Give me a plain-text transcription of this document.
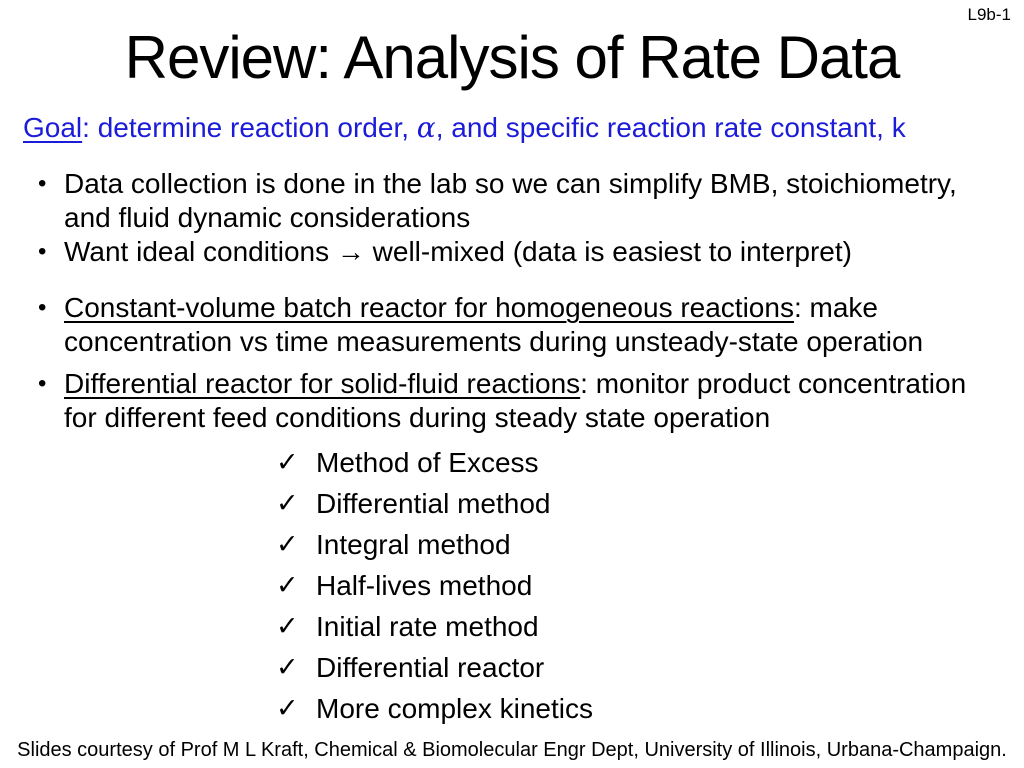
L9b-1
Review: Analysis of Rate Data

Goal: determine reaction order, α, and specific reaction rate constant, k

• Data collection is done in the lab so we can simplify BMB, stoichiometry, and fluid dynamic considerations
• Want ideal conditions → well-mixed (data is easiest to interpret)
• Constant-volume batch reactor for homogeneous reactions: make concentration vs time measurements during unsteady-state operation
• Differential reactor for solid-fluid reactions: monitor product concentration for different feed conditions during steady state operation
✓ Method of Excess
✓ Differential method
✓ Integral method
✓ Half-lives method
✓ Initial rate method
✓ Differential reactor
✓ More complex kinetics

Slides courtesy of Prof M L Kraft, Chemical & Biomolecular Engr Dept, University of Illinois, Urbana-Champaign.
